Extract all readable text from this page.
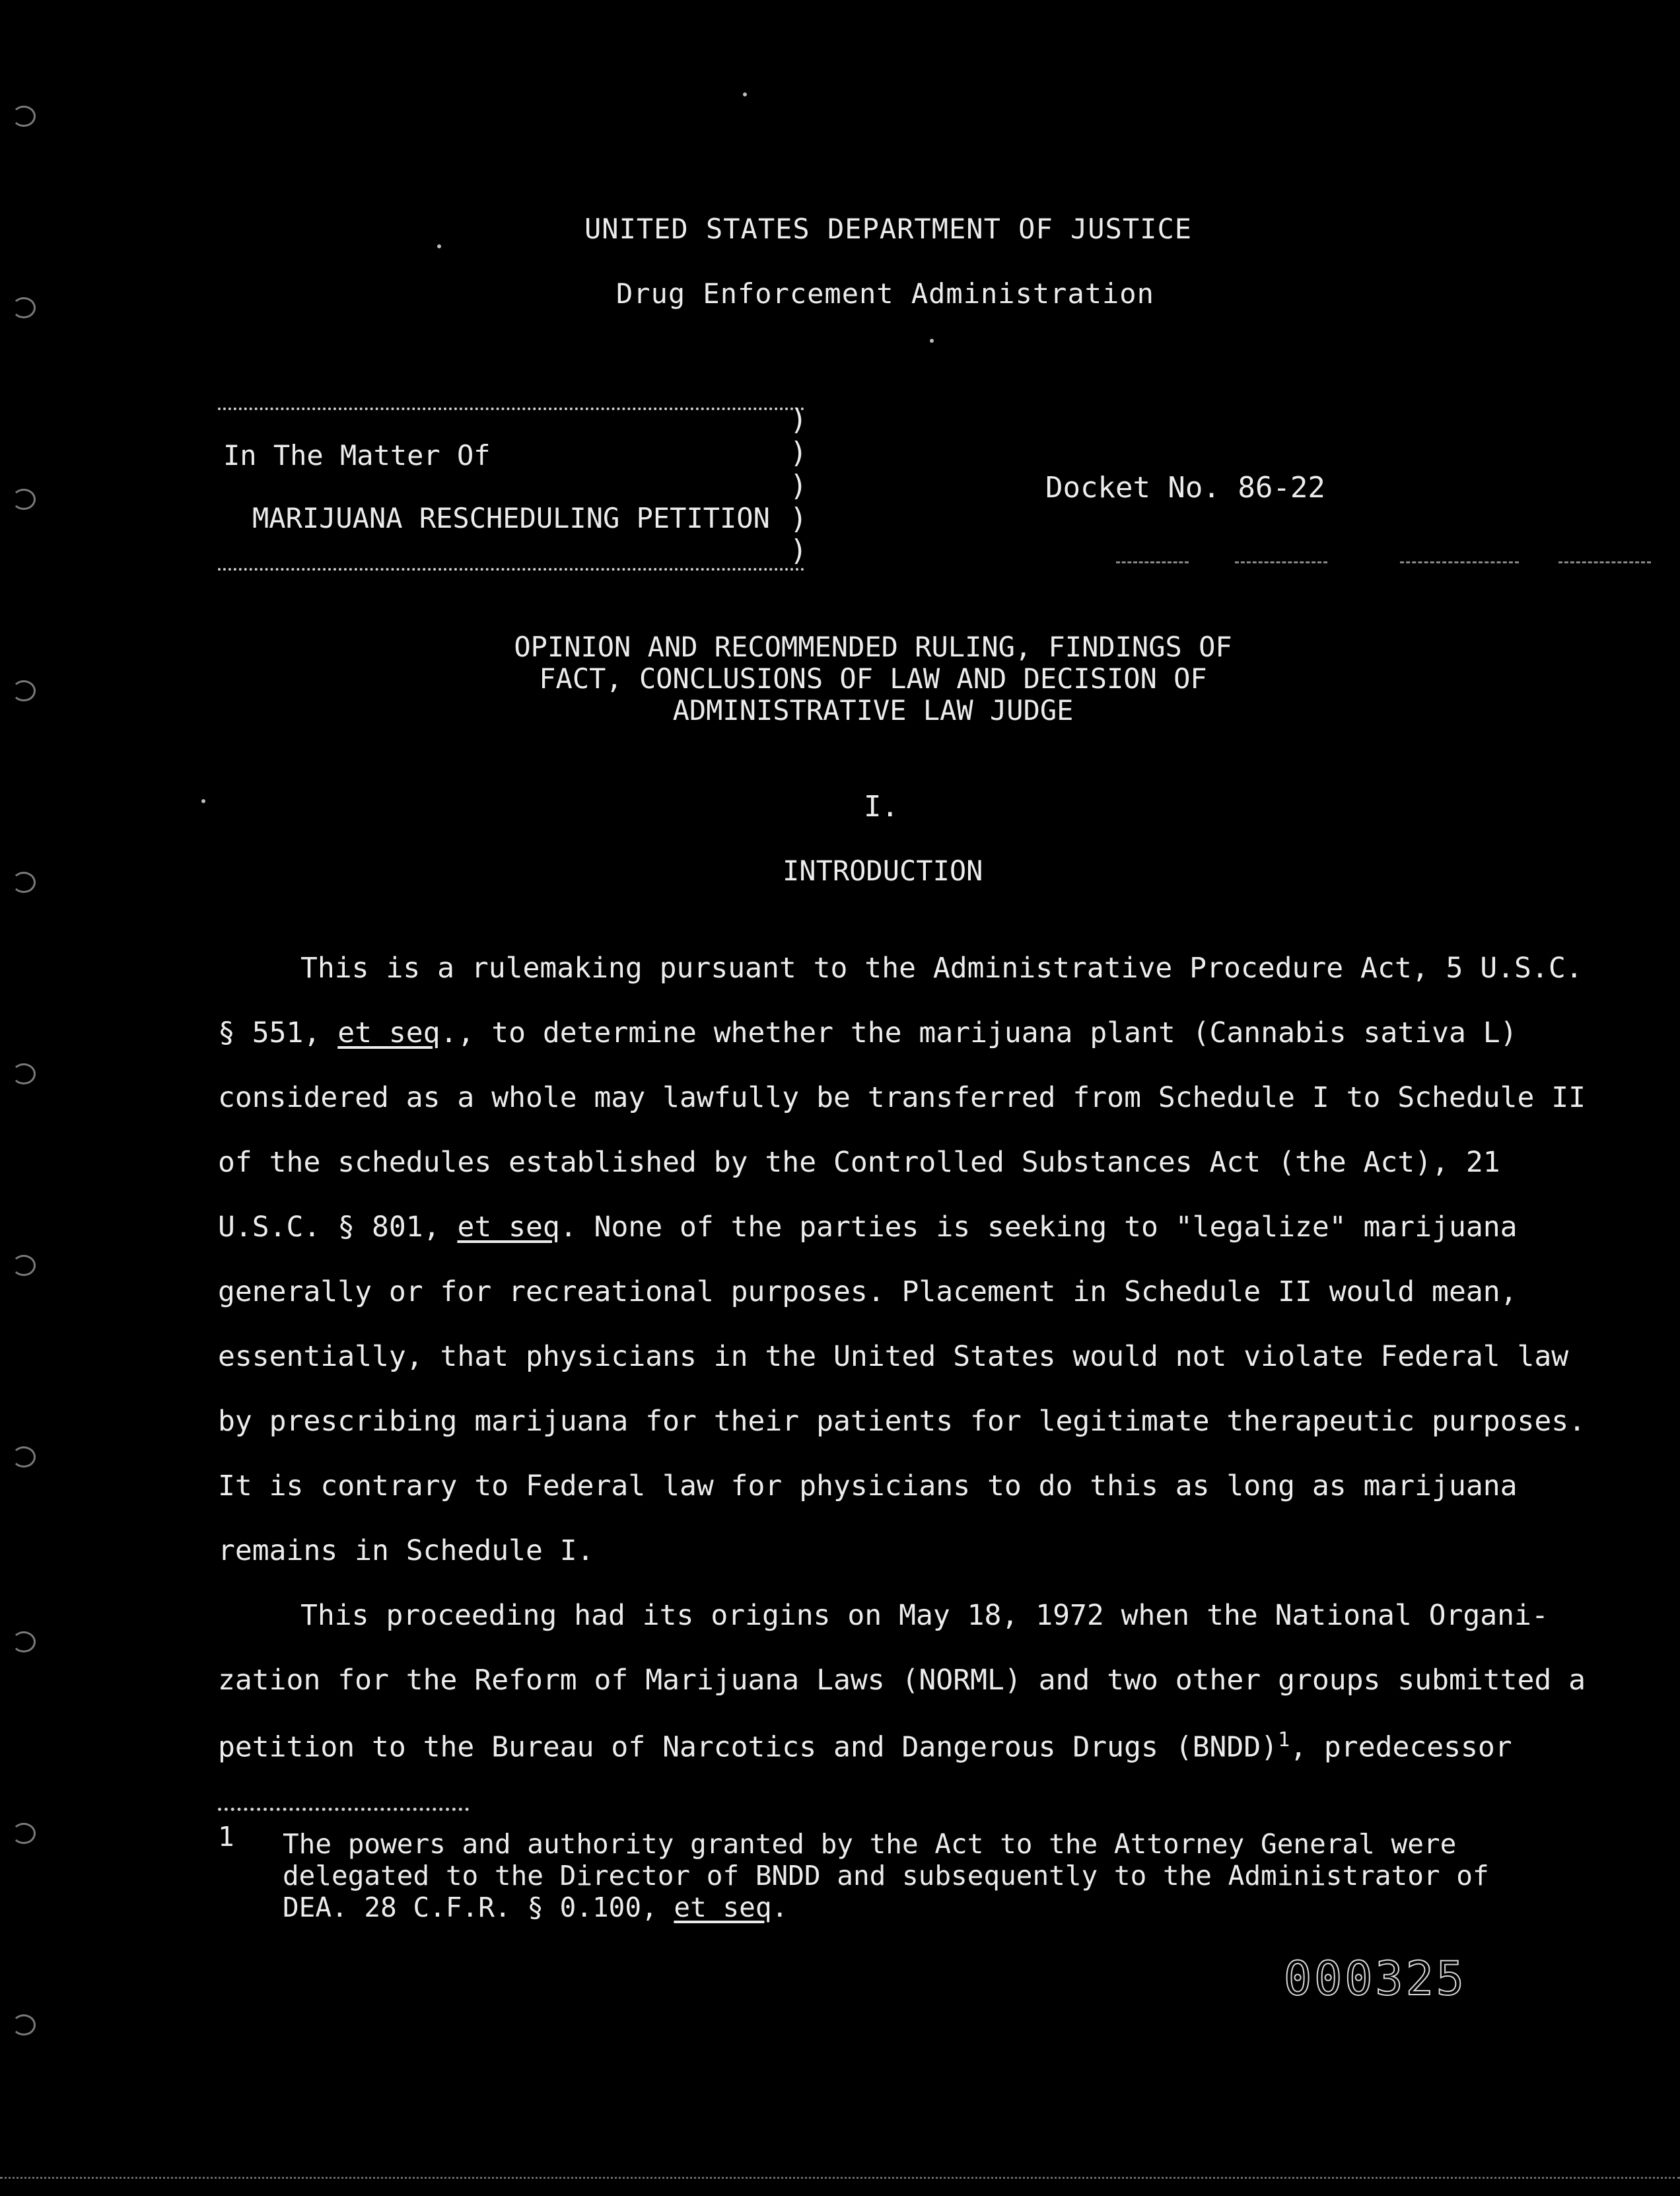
UNITED STATES DEPARTMENT OF JUSTICE
Drug Enforcement Administration
)
)
)
)
)
In The Matter Of
MARIJUANA RESCHEDULING PETITION
Docket No. 86-22
OPINION AND RECOMMENDED RULING, FINDINGS OF
FACT, CONCLUSIONS OF LAW AND DECISION OF
ADMINISTRATIVE LAW JUDGE
I.
INTRODUCTION
This is a rulemaking pursuant to the Administrative Procedure Act, 5 U.S.C.
§ 551, et seq., to determine whether the marijuana plant (Cannabis sativa L)
considered as a whole may lawfully be transferred from Schedule I to Schedule II
of the schedules established by the Controlled Substances Act (the Act), 21
U.S.C. § 801, et seq. None of the parties is seeking to "legalize" marijuana
generally or for recreational purposes. Placement in Schedule II would mean,
essentially, that physicians in the United States would not violate Federal law
by prescribing marijuana for their patients for legitimate therapeutic purposes.
It is contrary to Federal law for physicians to do this as long as marijuana
remains in Schedule I.
This proceeding had its origins on May 18, 1972 when the National Organi-
zation for the Reform of Marijuana Laws (NORML) and two other groups submitted a
petition to the Bureau of Narcotics and Dangerous Drugs (BNDD)$^1$, predecessor
1 The powers and authority granted by the Act to the Attorney General were
delegated to the Director of BNDD and subsequently to the Administrator of
DEA. 28 C.F.R. § 0.100, et seq.
000325
